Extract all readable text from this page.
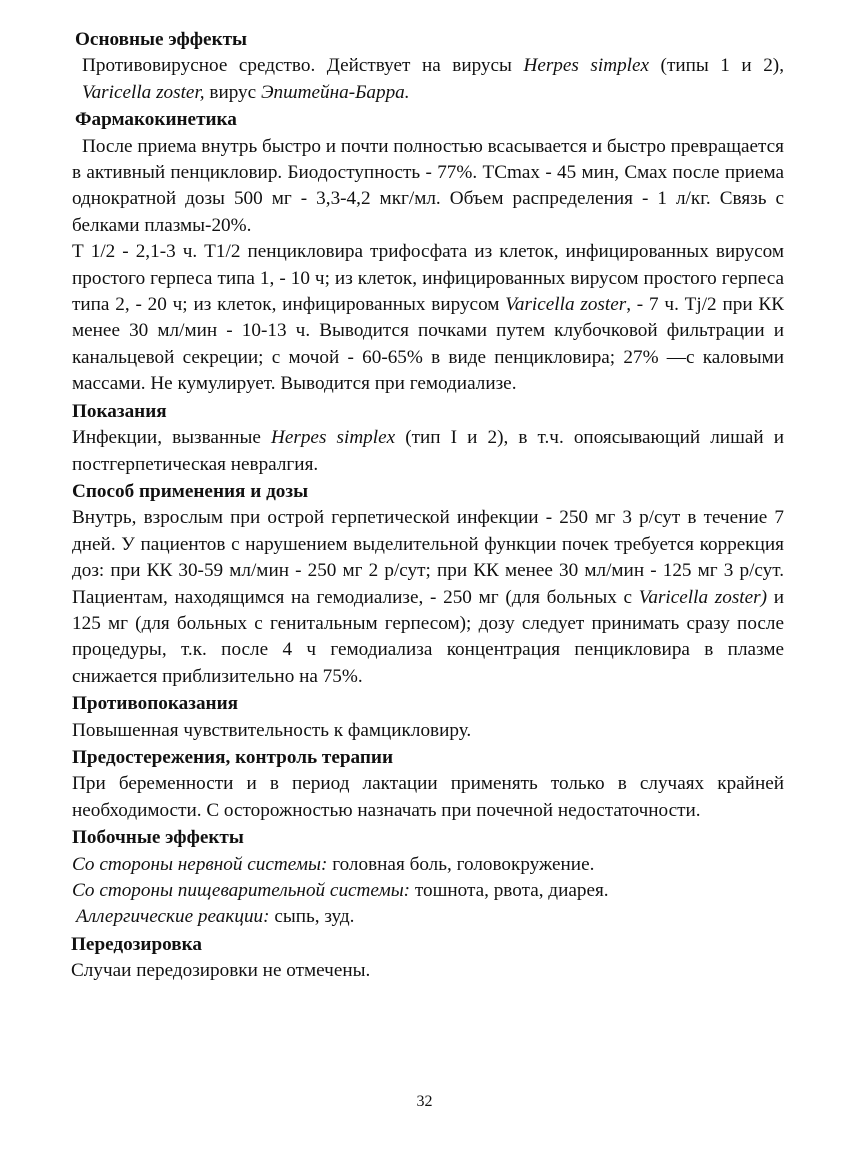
Основные эффекты

Противовирусное средство. Действует на вирусы Herpes simplex (типы 1 и 2), Varicella zoster, вирус Эпштейна-Барра.

Фармакокинетика

После приема внутрь быстро и почти полностью всасывается и быстро превращается в активный пенцикловир. Биодоступность - 77%. ТСmax - 45 мин, Смах после приема однократной дозы 500 мг - 3,3-4,2 мкг/мл. Объем распределения - 1 л/кг. Связь с белками плазмы-20%.

Т 1/2 - 2,1-3 ч. Т1/2 пенцикловира трифосфата из клеток, инфицированных вирусом простого герпеса типа 1, - 10 ч; из клеток, инфицированных вирусом простого герпеса типа 2, - 20 ч; из клеток, инфицированных вирусом Varicella zoster, - 7 ч. Tj/2 при КК менее 30 мл/мин - 10-13 ч. Выводится почками путем клубочковой фильтрации и канальцевой секреции; с мочой - 60-65% в виде пенцикловира; 27% —с каловыми массами. Не кумулирует. Выводится при гемодиализе.

Показания

Инфекции, вызванные Herpes simplex (тип I и 2), в т.ч. опоясывающий лишай и постгерпетическая невралгия.

Способ применения и дозы

Внутрь, взрослым при острой герпетической инфекции - 250 мг 3 р/сут в течение 7 дней. У пациентов с нарушением выделительной функции почек требуется коррекция доз: при КК 30-59 мл/мин - 250 мг 2 р/сут; при КК менее 30 мл/мин - 125 мг 3 р/сут. Пациентам, находящимся на гемодиализе, - 250 мг (для больных с Varicella zoster) и 125 мг (для больных с генитальным герпесом); дозу следует принимать сразу после процедуры, т.к. после 4 ч гемодиализа концентрация пенцикловира в плазме снижается приблизительно на 75%.

Противопоказания

Повышенная чувствительность к фамцикловиру.

Предостережения, контроль терапии

При беременности и в период лактации применять только в случаях крайней необходимости. С осторожностью назначать при почечной недостаточности.

Побочные эффекты

Со стороны нервной системы: головная боль, головокружение.

Со стороны пищеварительной системы: тошнота, рвота, диарея.

Аллергические реакции: сыпь, зуд.

Передозировка

Случаи передозировки не отмечены.

32
